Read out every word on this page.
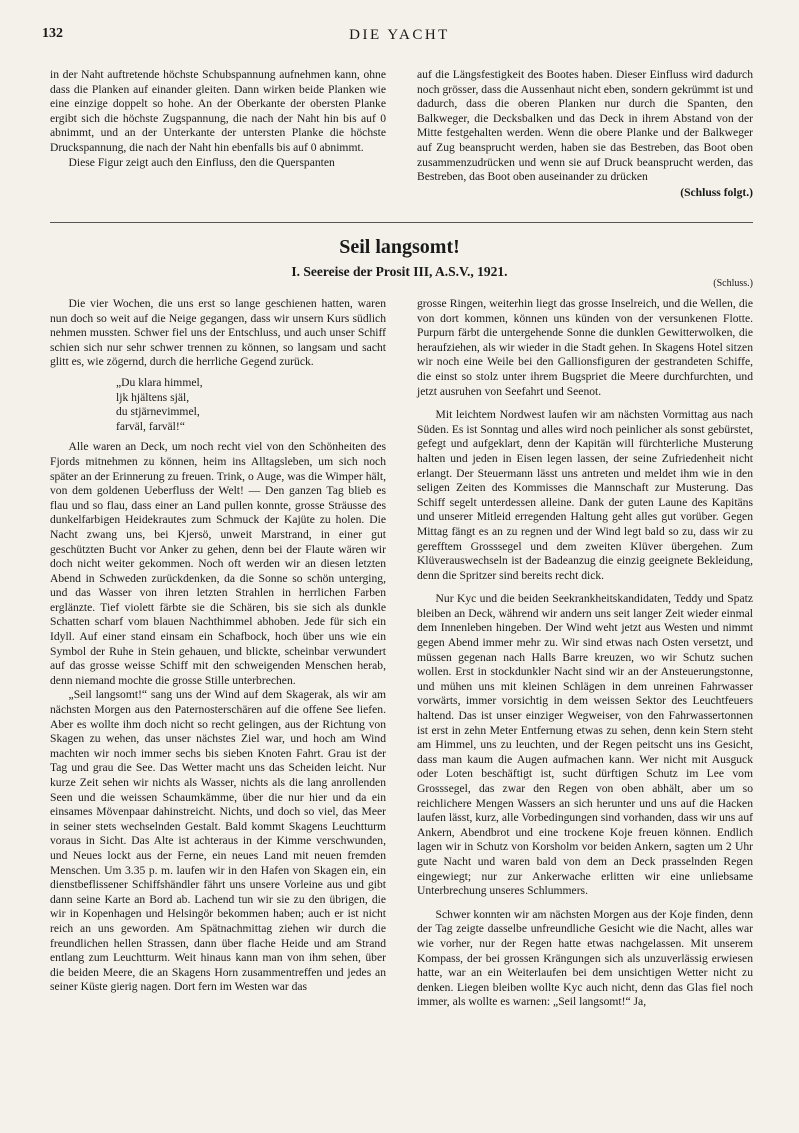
132	DIE YACHT

in der Naht auftretende höchste Schubspannung aufnehmen kann, ohne dass die Planken auf einander gleiten. Dann wirken beide Planken wie eine einzige doppelt so hohe. An der Oberkante der obersten Planke ergibt sich die höchste Zugspannung, die nach der Naht hin bis auf 0 abnimmt, und an der Unterkante der untersten Planke die höchste Druckspannung, die nach der Naht hin ebenfalls bis auf 0 abnimmt.

Diese Figur zeigt auch den Einfluss, den die Querspanten

auf die Längsfestigkeit des Bootes haben. Dieser Einfluss wird dadurch noch grösser, dass die Aussenhaut nicht eben, sondern gekrümmt ist und dadurch, dass die oberen Planken nur durch die Spanten, den Balkweger, die Decksbalken und das Deck in ihrem Abstand von der Mitte festgehalten werden. Wenn die obere Planke und der Balkweger auf Zug beansprucht werden, haben sie das Bestreben, das Boot oben zusammenzudrücken und wenn sie auf Druck beansprucht werden, das Bestreben, das Boot oben auseinander zu drücken

(Schluss folgt.)
Seil langsomt!
I. Seereise der Prosit III, A.S.V., 1921.
(Schluss.)

Die vier Wochen, die uns erst so lange geschienen hatten, waren nun doch so weit auf die Neige gegangen, dass wir unsern Kurs südlich nehmen mussten. Schwer fiel uns der Entschluss, und auch unser Schiff schien sich nur sehr schwer trennen zu können, so langsam und sacht glitt es, wie zögernd, durch die herrliche Gegend zurück.

„Du klara himmel,
ljk hjältens själ,
du stjärnevimmel,
farväl, farväl!“

Alle waren an Deck, um noch recht viel von den Schönheiten des Fjords mitnehmen zu können, heim ins Alltagsleben, um sich noch später an der Erinnerung zu freuen. Trink, o Auge, was die Wimper hält, von dem goldenen Ueberfluss der Welt! — Den ganzen Tag blieb es flau und so flau, dass einer an Land pullen konnte, grosse Sträusse des dunkelfarbigen Heidekrautes zum Schmuck der Kajüte zu holen. Die Nacht zwang uns, bei Kjersö, unweit Marstrand, in einer gut geschützten Bucht vor Anker zu gehen, denn bei der Flaute wären wir doch nicht weiter gekommen. Noch oft werden wir an diesen letzten Abend in Schweden zurückdenken, da die Sonne so schön unterging, und das Wasser von ihren letzten Strahlen in herrlichen Farben erglänzte. Tief violett färbte sie die Schären, bis sie sich als dunkle Schatten scharf vom blauen Nachthimmel abhoben. Jede für sich ein Idyll. Auf einer stand einsam ein Schafbock, hoch über uns wie ein Symbol der Ruhe in Stein gehauen, und blickte, scheinbar verwundert auf das grosse weisse Schiff mit den schweigenden Menschen herab, denn niemand mochte die grosse Stille unterbrechen.

„Seil langsomt!“ sang uns der Wind auf dem Skagerak, als wir am nächsten Morgen aus den Paternosterschären auf die offene See liefen. Aber es wollte ihm doch nicht so recht gelingen, aus der Richtung von Skagen zu wehen, das unser nächstes Ziel war, und hoch am Wind machten wir noch immer sechs bis sieben Knoten Fahrt. Grau ist der Tag und grau die See. Das Wetter macht uns das Scheiden leicht. Nur kurze Zeit sehen wir nichts als Wasser, nichts als die lang anrollenden Seen und die weissen Schaumkämme, über die nur hier und da ein einsames Mövenpaar dahinstreicht. Nichts, und doch so viel, das Meer in seiner stets wechselnden Gestalt. Bald kommt Skagens Leuchtturm voraus in Sicht. Das Alte ist achteraus in der Kimme verschwunden, und Neues lockt aus der Ferne, ein neues Land mit neuen fremden Menschen. Um 3.35 p. m. laufen wir in den Hafen von Skagen ein, ein dienstbeflissener Schiffshändler fährt uns unsere Vorleine aus und gibt dann seine Karte an Bord ab. Lachend tun wir sie zu den übrigen, die wir in Kopenhagen und Helsingör bekommen haben; auch er ist nicht reich an uns geworden. Am Spätnachmittag ziehen wir durch die freundlichen hellen Strassen, dann über flache Heide und am Strand entlang zum Leuchtturm. Weit hinaus kann man von ihm sehen, über die beiden Meere, die an Skagens Horn zusammentreffen und jedes an seiner Küste gierig nagen. Dort fern im Westen war das

grosse Ringen, weiterhin liegt das grosse Inselreich, und die Wellen, die von dort kommen, können uns künden von der versunkenen Flotte. Purpurn färbt die untergehende Sonne die dunklen Gewitterwolken, die heraufziehen, als wir wieder in die Stadt gehen. In Skagens Hotel sitzen wir noch eine Weile bei den Gallionsfiguren der gestrandeten Schiffe, die einst so stolz unter ihrem Bugspriet die Meere durchfurchten, und jetzt ausruhen von Seefahrt und Seenot.

Mit leichtem Nordwest laufen wir am nächsten Vormittag aus nach Süden. Es ist Sonntag und alles wird noch peinlicher als sonst gebürstet, gefegt und aufgeklart, denn der Kapitän will fürchterliche Musterung halten und jeden in Eisen legen lassen, der seine Zufriedenheit nicht erlangt. Der Steuermann lässt uns antreten und meldet ihm wie in den seligen Zeiten des Kommisses die Mannschaft zur Musterung. Das Schiff segelt unterdessen alleine. Dank der guten Laune des Kapitäns und unserer Mitleid erregenden Haltung geht alles gut vorüber. Gegen Mittag fängt es an zu regnen und der Wind legt bald so zu, dass wir zu gerefftem Grosssegel und dem zweiten Klüver übergehen. Zum Klüverauswechseln ist der Badeanzug die einzig geeignete Bekleidung, denn die Spritzer sind bereits recht dick.

Nur Kyc und die beiden Seekrankheitskandidaten, Teddy und Spatz bleiben an Deck, während wir andern uns seit langer Zeit wieder einmal dem Innenleben hingeben. Der Wind weht jetzt aus Westen und nimmt gegen Abend immer mehr zu. Wir sind etwas nach Osten versetzt, und müssen gegenan nach Halls Barre kreuzen, wo wir Schutz suchen wollen. Erst in stockdunkler Nacht sind wir an der Ansteuerungstonne, und mühen uns mit kleinen Schlägen in dem unreinen Fahrwasser vorwärts, immer vorsichtig in dem weissen Sektor des Leuchtfeuers haltend. Das ist unser einziger Wegweiser, von den Fahrwassertonnen ist erst in zehn Meter Entfernung etwas zu sehen, denn kein Stern steht am Himmel, uns zu leuchten, und der Regen peitscht uns ins Gesicht, dass man kaum die Augen aufmachen kann. Wer nicht mit Ausguck oder Loten beschäftigt ist, sucht dürftigen Schutz im Lee vom Grosssegel, das zwar den Regen von oben abhält, aber um so reichlichere Mengen Wassers an sich herunter und uns auf die Hacken laufen lässt, kurz, alle Vorbedingungen sind vorhanden, dass wir uns auf Ankern, Abendbrot und eine trockene Koje freuen können. Endlich lagen wir in Schutz von Korsholm vor beiden Ankern, sagten um 2 Uhr gute Nacht und waren bald von dem an Deck prasselnden Regen eingewiegt; nur zur Ankerwache erlitten wir eine unliebsame Unterbrechung unseres Schlummers.

Schwer konnten wir am nächsten Morgen aus der Koje finden, denn der Tag zeigte dasselbe unfreundliche Gesicht wie die Nacht, alles war wie vorher, nur der Regen hatte etwas nachgelassen. Mit unserem Kompass, der bei grossen Krängungen sich als unzuverlässig erwiesen hatte, war an ein Weiterlaufen bei dem unsichtigen Wetter nicht zu denken. Liegen bleiben wollte Kyc auch nicht, denn das Glas fiel noch immer, als wollte es warnen: „Seil langsomt!“ Ja,
